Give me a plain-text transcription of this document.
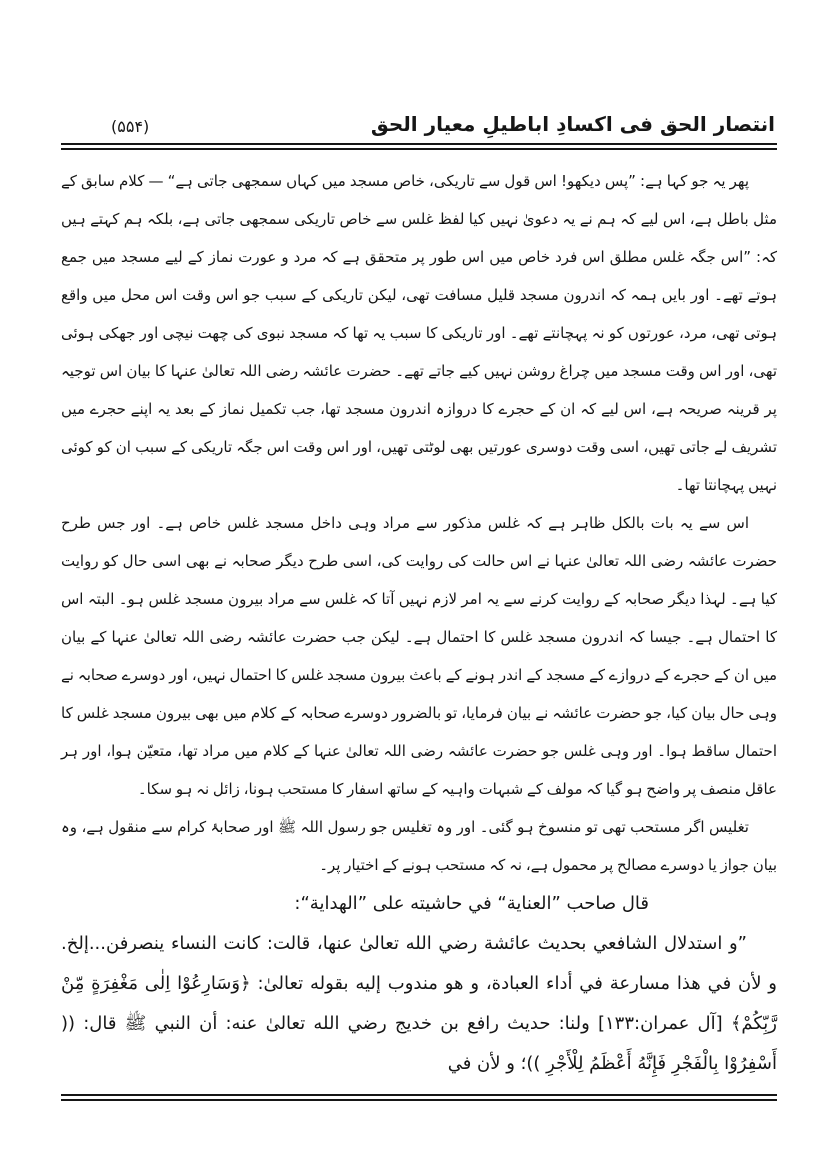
(۵۵۴)	انتصار الحق فی اکسادِ اباطیلِ معیار الحق

پھر یہ جو کہا ہے: ”پس دیکھو! اس قول سے تاریکی، خاص مسجد میں کہاں سمجھی جاتی ہے“ — کلام سابق کے مثل باطل ہے، اس لیے کہ ہم نے یہ دعویٰ نہیں کیا لفظ غلس سے خاص تاریکی سمجھی جاتی ہے، بلکہ ہم کہتے ہیں کہ: ”اس جگہ غلس مطلق اس فرد خاص میں اس طور پر متحقق ہے کہ مرد و عورت نماز کے لیے مسجد میں جمع ہوتے تھے۔ اور بایں ہمہ کہ اندرون مسجد قلیل مسافت تھی، لیکن تاریکی کے سبب جو اس وقت اس محل میں واقع ہوتی تھی، مرد، عورتوں کو نہ پہچانتے تھے۔ اور تاریکی کا سبب یہ تھا کہ مسجد نبوی کی چھت نیچی اور جھکی ہوئی تھی، اور اس وقت مسجد میں چراغ روشن نہیں کیے جاتے تھے۔ حضرت عائشہ رضی اللہ تعالیٰ عنہا کا بیان اس توجیہ پر قرینہ صریحہ ہے، اس لیے کہ ان کے حجرے کا دروازہ اندرون مسجد تھا، جب تکمیل نماز کے بعد یہ اپنے حجرے میں تشریف لے جاتی تھیں، اسی وقت دوسری عورتیں بھی لوٹتی تھیں، اور اس وقت اس جگہ تاریکی کے سبب ان کو کوئی نہیں پہچانتا تھا۔

اس سے یہ بات بالکل ظاہر ہے کہ غلس مذکور سے مراد وہی داخل مسجد غلس خاص ہے۔ اور جس طرح حضرت عائشہ رضی اللہ تعالیٰ عنہا نے اس حالت کی روایت کی، اسی طرح دیگر صحابہ نے بھی اسی حال کو روایت کیا ہے۔ لہذا دیگر صحابہ کے روایت کرنے سے یہ امر لازم نہیں آتا کہ غلس سے مراد بیرون مسجد غلس ہو۔ البتہ اس کا احتمال ہے۔ جیسا کہ اندرون مسجد غلس کا احتمال ہے۔ لیکن جب حضرت عائشہ رضی اللہ تعالیٰ عنہا کے بیان میں ان کے حجرے کے دروازے کے مسجد کے اندر ہونے کے باعث بیرون مسجد غلس کا احتمال نہیں، اور دوسرے صحابہ نے وہی حال بیان کیا، جو حضرت عائشہ نے بیان فرمایا، تو بالضرور دوسرے صحابہ کے کلام میں بھی بیرون مسجد غلس کا احتمال ساقط ہوا۔ اور وہی غلس جو حضرت عائشہ رضی اللہ تعالیٰ عنہا کے کلام میں مراد تھا، متعیّن ہوا، اور ہر عاقل منصف پر واضح ہو گیا کہ مولف کے شبہات واہیہ کے ساتھ اسفار کا مستحب ہونا، زائل نہ ہو سکا۔

تغلیس اگر مستحب تھی تو منسوخ ہو گئی۔ اور وہ تغلیس جو رسول اللہ ﷺ اور صحابۂ کرام سے منقول ہے، وہ بیان جواز یا دوسرے مصالح پر محمول ہے، نہ کہ مستحب ہونے کے اختیار پر۔

قال صاحب ”العناية“ في حاشيته على ”الهداية“:

”و استدلال الشافعي بحديث عائشة رضي الله تعالىٰ عنها، قالت: كانت النساء ينصرفن...إلخ. و لأن في هذا مسارعة في أداء العبادة، و هو مندوب إليه بقوله تعالىٰ: ﴿وَسَارِعُوْا اِلٰى مَغْفِرَةٍ مِّنْ رَّبِّكُمْ﴾ [آل عمران:۱۳۳] ولنا: حديث رافع بن خديج رضي الله تعالىٰ عنه: أن النبي ﷺ قال: (( أَسْفِرُوْا بِالْفَجْرِ فَإِنَّهُ أَعْظَمُ لِلْأَجْرِ ))؛ و لأن في
